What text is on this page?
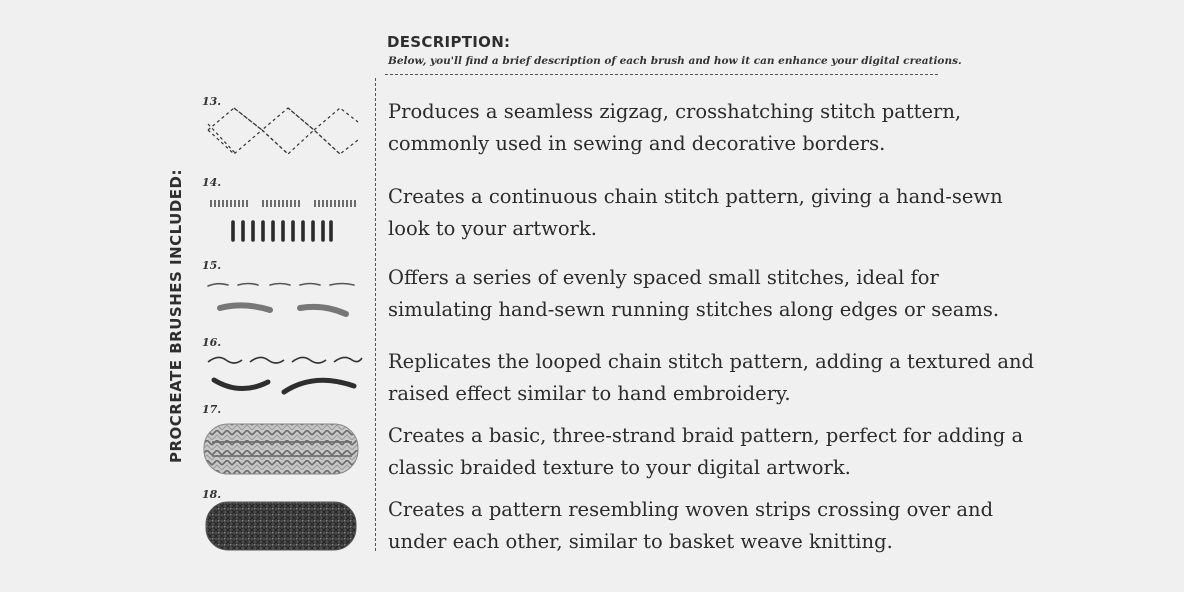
PROCREATE BRUSHES INCLUDED:
DESCRIPTION:
Below, you'll find a brief description of each brush and how it can enhance your digital creations.
13.	Produces a seamless zigzag, crosshatching stitch pattern, commonly used in sewing and decorative borders.
14.
Creates a continuous chain stitch pattern, giving a hand-sewn look to your artwork.
15.
Offers a series of evenly spaced small stitches, ideal for simulating hand-sewn running stitches along edges or seams.
16.
Replicates the looped chain stitch pattern, adding a textured and raised effect similar to hand embroidery.
17.
Creates a basic, three-strand braid pattern, perfect for adding a classic braided texture to your digital artwork.
18.
Creates a pattern resembling woven strips crossing over and under each other, similar to basket weave knitting.
